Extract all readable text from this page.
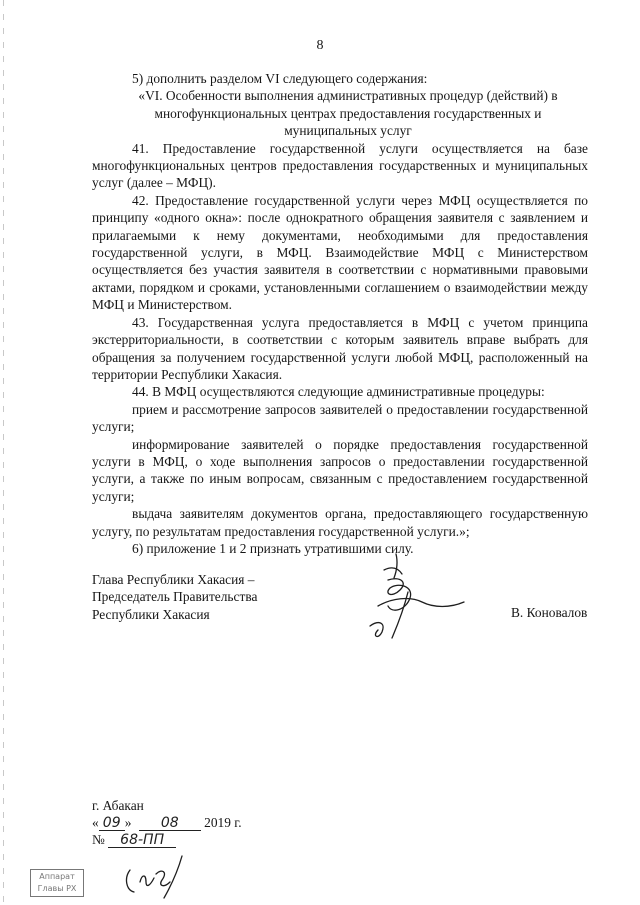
8

5) дополнить разделом VI следующего содержания:

«VI. Особенности выполнения административных процедур (действий) в многофункциональных центрах предоставления государственных и муниципальных услуг

41. Предоставление государственной услуги осуществляется на базе многофункциональных центров предоставления государственных и муниципальных услуг (далее – МФЦ).

42. Предоставление государственной услуги через МФЦ осуществляется по принципу «одного окна»: после однократного обращения заявителя с заявлением и прилагаемыми к нему документами, необходимыми для предоставления государственной услуги, в МФЦ. Взаимодействие МФЦ с Министерством осуществляется без участия заявителя в соответствии с нормативными правовыми актами, порядком и сроками, установленными соглашением о взаимодействии между МФЦ и Министерством.

43. Государственная услуга предоставляется в МФЦ с учетом принципа экстерриториальности, в соответствии с которым заявитель вправе выбрать для обращения за получением государственной услуги любой МФЦ, расположенный на территории Республики Хакасия.

44. В МФЦ осуществляются следующие административные процедуры:

прием и рассмотрение запросов заявителей о предоставлении государственной услуги;

информирование заявителей о порядке предоставления государственной услуги в МФЦ, о ходе выполнения запросов о предоставлении государственной услуги, а также по иным вопросам, связанным с предоставлением государственной услуги;

выдача заявителям документов органа, предоставляющего государственную услугу, по результатам предоставления государственной услуги.»;

6) приложение 1 и 2 признать утратившими силу.

Глава Республики Хакасия –
Председатель Правительства
Республики Хакасия	В. Коновалов
г. Абакан
« 09 » 08 2019 г.
№ 68-ПП
Аппарат
Главы РХ
